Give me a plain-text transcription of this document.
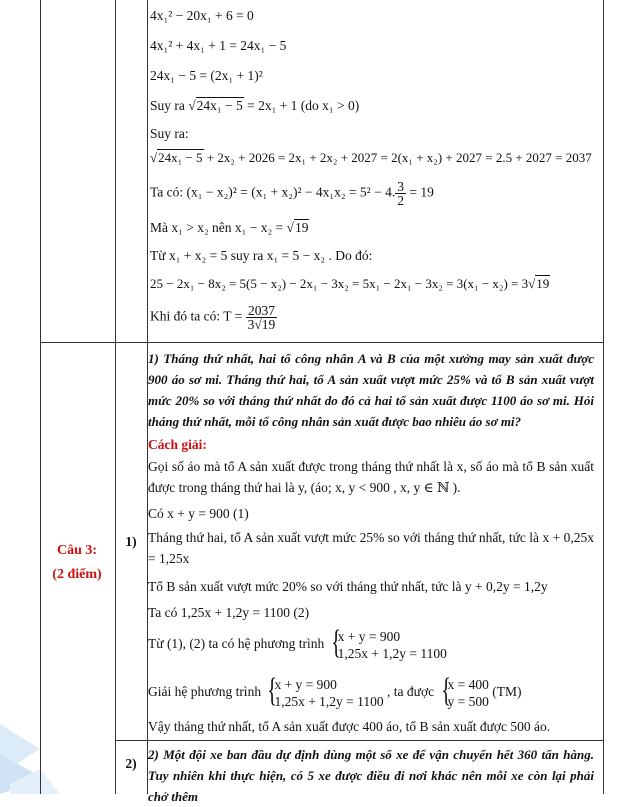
4x₁² − 20x₁ + 6 = 0
4x₁² + 4x₁ + 1 = 24x₁ − 5
24x₁ − 5 = (2x₁ + 1)²
Suy ra √24x₁ − 5 = 2x₁ + 1 (do x₁ > 0)
Suy ra:
√24x₁ − 5 + 2x₂ + 2026 = 2x₁ + 2x₂ + 2027 = 2(x₁ + x₂) + 2027 = 2.5 + 2027 = 2037
Ta có: (x₁ − x₂)² = (x₁ + x₂)² − 4x₁x₂ = 5² − 4. $\frac{3}{2} = 19$
Mà x₁ > x₂ nên x₁ − x₂ = √19
Từ x₁ + x₂ = 5 suy ra x₁ = 5 − x₂ . Do đó:
25 − 2x₁ − 8x₂ = 5(5 − x₂) − 2x₁ − 3x₂ = 5x₁ − 2x₁ − 3x₂ = 3(x₁ − x₂) = 3√19
Khi đó ta có: $T = \frac{2037}{3√19}$
Câu 3:
(2 điểm)
1)
2)
1) Tháng thứ nhất, hai tổ công nhân A và B của một xưởng may sản xuất được 900 áo sơ mi. Tháng thứ hai, tổ A sản xuất vượt mức 25% và tổ B sản xuất vượt mức 20% so với tháng thứ nhất do đó cả hai tổ sản xuất được 1100 áo sơ mi. Hỏi tháng thứ nhất, mỗi tổ công nhân sản xuất được bao nhiêu áo sơ mi?
Cách giải:
Gọi số áo mà tổ A sản xuất được trong tháng thứ nhất là x, số áo mà tổ B sản xuất được trong tháng thứ hai là y, (áo; x, y < 900 , x, y ∈ ℕ ).
Có x + y = 900 (1)
Tháng thứ hai, tổ A sản xuất vượt mức 25% so với tháng thứ nhất, tức là x + 0,25x = 1,25x
Tổ B sản xuất vượt mức 20% so với tháng thứ nhất, tức là y + 0,2y = 1,2y
Ta có 1,25x + 1,2y = 1100 (2)
Từ (1), (2) ta có hệ phương trình {
x + y = 900
1,25x + 1,2y = 1100
Giải hệ phương trình {
x + y = 900
1,25x + 1,2y = 1100
, ta được {
x = 400
y = 500
(TM)
Vậy tháng thứ nhất, tổ A sản xuất được 400 áo, tổ B sản xuất được 500 áo.
2) Một đội xe ban đầu dự định dùng một số xe để vận chuyển hết 360 tấn hàng. Tuy nhiên khi thực hiện, có 5 xe được điều đi nơi khác nên mỗi xe còn lại phải chở thêm
